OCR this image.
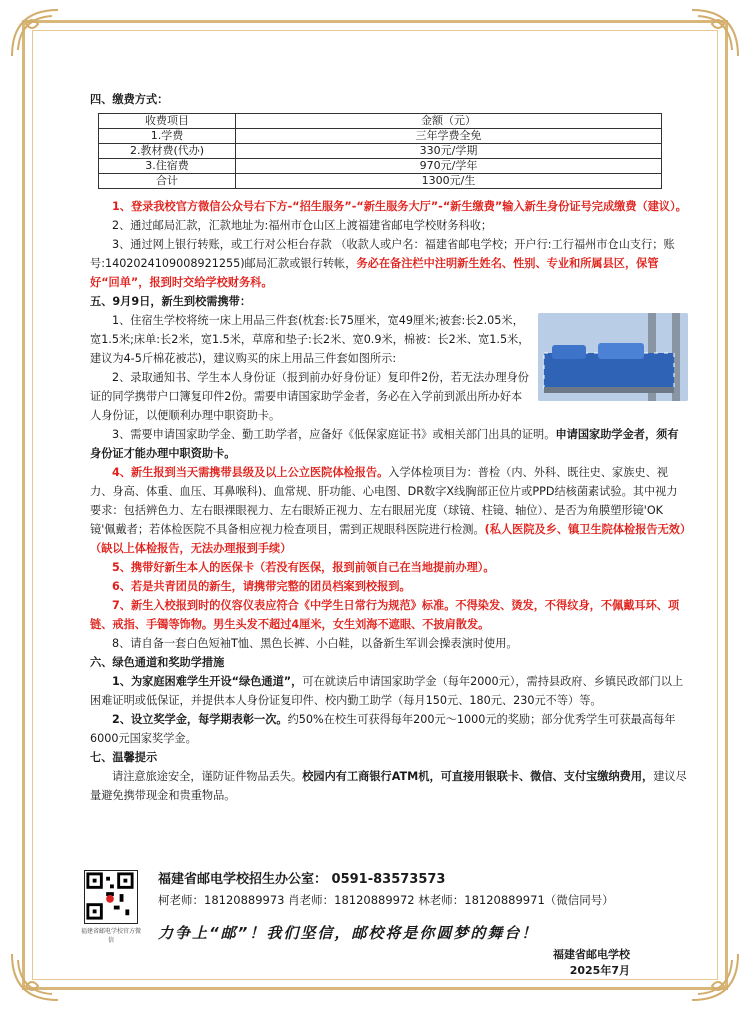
四、缴费方式：

收费项目	金额（元）
1.学费	三年学费全免
2.教材费(代办)	330元/学期
3.住宿费	970元/学年
合计	1300元/生

1、登录我校官方微信公众号右下方-“招生服务”-“新生服务大厅”-“新生缴费”输入新生身份证号完成缴费（建议）。

2、通过邮局汇款，汇款地址为:福州市仓山区上渡福建省邮电学校财务科收；

3、通过网上银行转账，或工行对公柜台存款 （收款人或户名：福建省邮电学校；开户行:工行福州市仓山支行；账号:1402024109008921255)邮局汇款或银行转帐，务必在备注栏中注明新生姓名、性别、专业和所属县区，保管好“回单”，报到时交给学校财务科。

五、9月9日，新生到校需携带：

1、住宿生学校将统一床上用品三件套(枕套:长75厘米，宽49厘米;被套:长2.05米，宽1.5米;床单:长2米，宽1.5米，草席和垫子:长2米、宽0.9米，棉被：长2米、宽1.5米，建议为4-5斤棉花被芯)，建议购买的床上用品三件套如图所示:

2、录取通知书、学生本人身份证（报到前办好身份证）复印件2份，若无法办理身份证的同学携带户口簿复印件2份。需要申请国家助学金者，务必在入学前到派出所办好本人身份证，以便顺利办理中职资助卡。

3、需要申请国家助学金、勤工助学者，应备好《低保家庭证书》或相关部门出具的证明。申请国家助学金者，须有身份证才能办理中职资助卡。

4、新生报到当天需携带县级及以上公立医院体检报告。入学体检项目为：普检（内、外科、既往史、家族史、视力、身高、体重、血压、耳鼻喉科)、血常规、肝功能、心电图、DR数字X线胸部正位片或PPD结核菌素试验。其中视力要求：包括辨色力、左右眼裸眼视力、左右眼矫正视力、左右眼屈光度（球镜、柱镜、轴位）、是否为角膜塑形镜'OK镜'佩戴者；若体检医院不具备相应视力检查项目，需到正规眼科医院进行检测。(私人医院及乡、镇卫生院体检报告无效）（缺以上体检报告，无法办理报到手续）

5、携带好新生本人的医保卡（若没有医保，报到前领自己在当地提前办理）。

6、若是共青团员的新生，请携带完整的团员档案到校报到。

7、新生入校报到时的仪容仪表应符合《中学生日常行为规范》标准。不得染发、烫发，不得纹身，不佩戴耳环、项链、戒指、手镯等饰物。男生头发不超过4厘米，女生刘海不遮眼、不披肩散发。

8、请自备一套白色短袖T恤、黑色长裤、小白鞋，以备新生军训会操表演时使用。

六、绿色通道和奖助学措施

1、为家庭困难学生开设“绿色通道”，可在就读后申请国家助学金（每年2000元），需持县政府、乡镇民政部门以上困难证明或低保证，并提供本人身份证复印件、校内勤工助学（每月150元、180元、230元不等）等。

2、设立奖学金，每学期表彰一次。约50%在校生可获得每年200元～1000元的奖励；部分优秀学生可获最高每年6000元国家奖学金。

七、温馨提示

请注意旅途安全，谨防证件物品丢失。校园内有工商银行ATM机，可直接用银联卡、微信、支付宝缴纳费用，建议尽量避免携带现金和贵重物品。

福建省邮电学校官方微信
福建省邮电学校招生办公室： 0591-83573573
柯老师：18120889973 肖老师：18120889972 林老师：18120889971（微信同号）
力争上“邮”！我们坚信，邮校将是你圆梦的舞台！
福建省邮电学校
2025年7月
